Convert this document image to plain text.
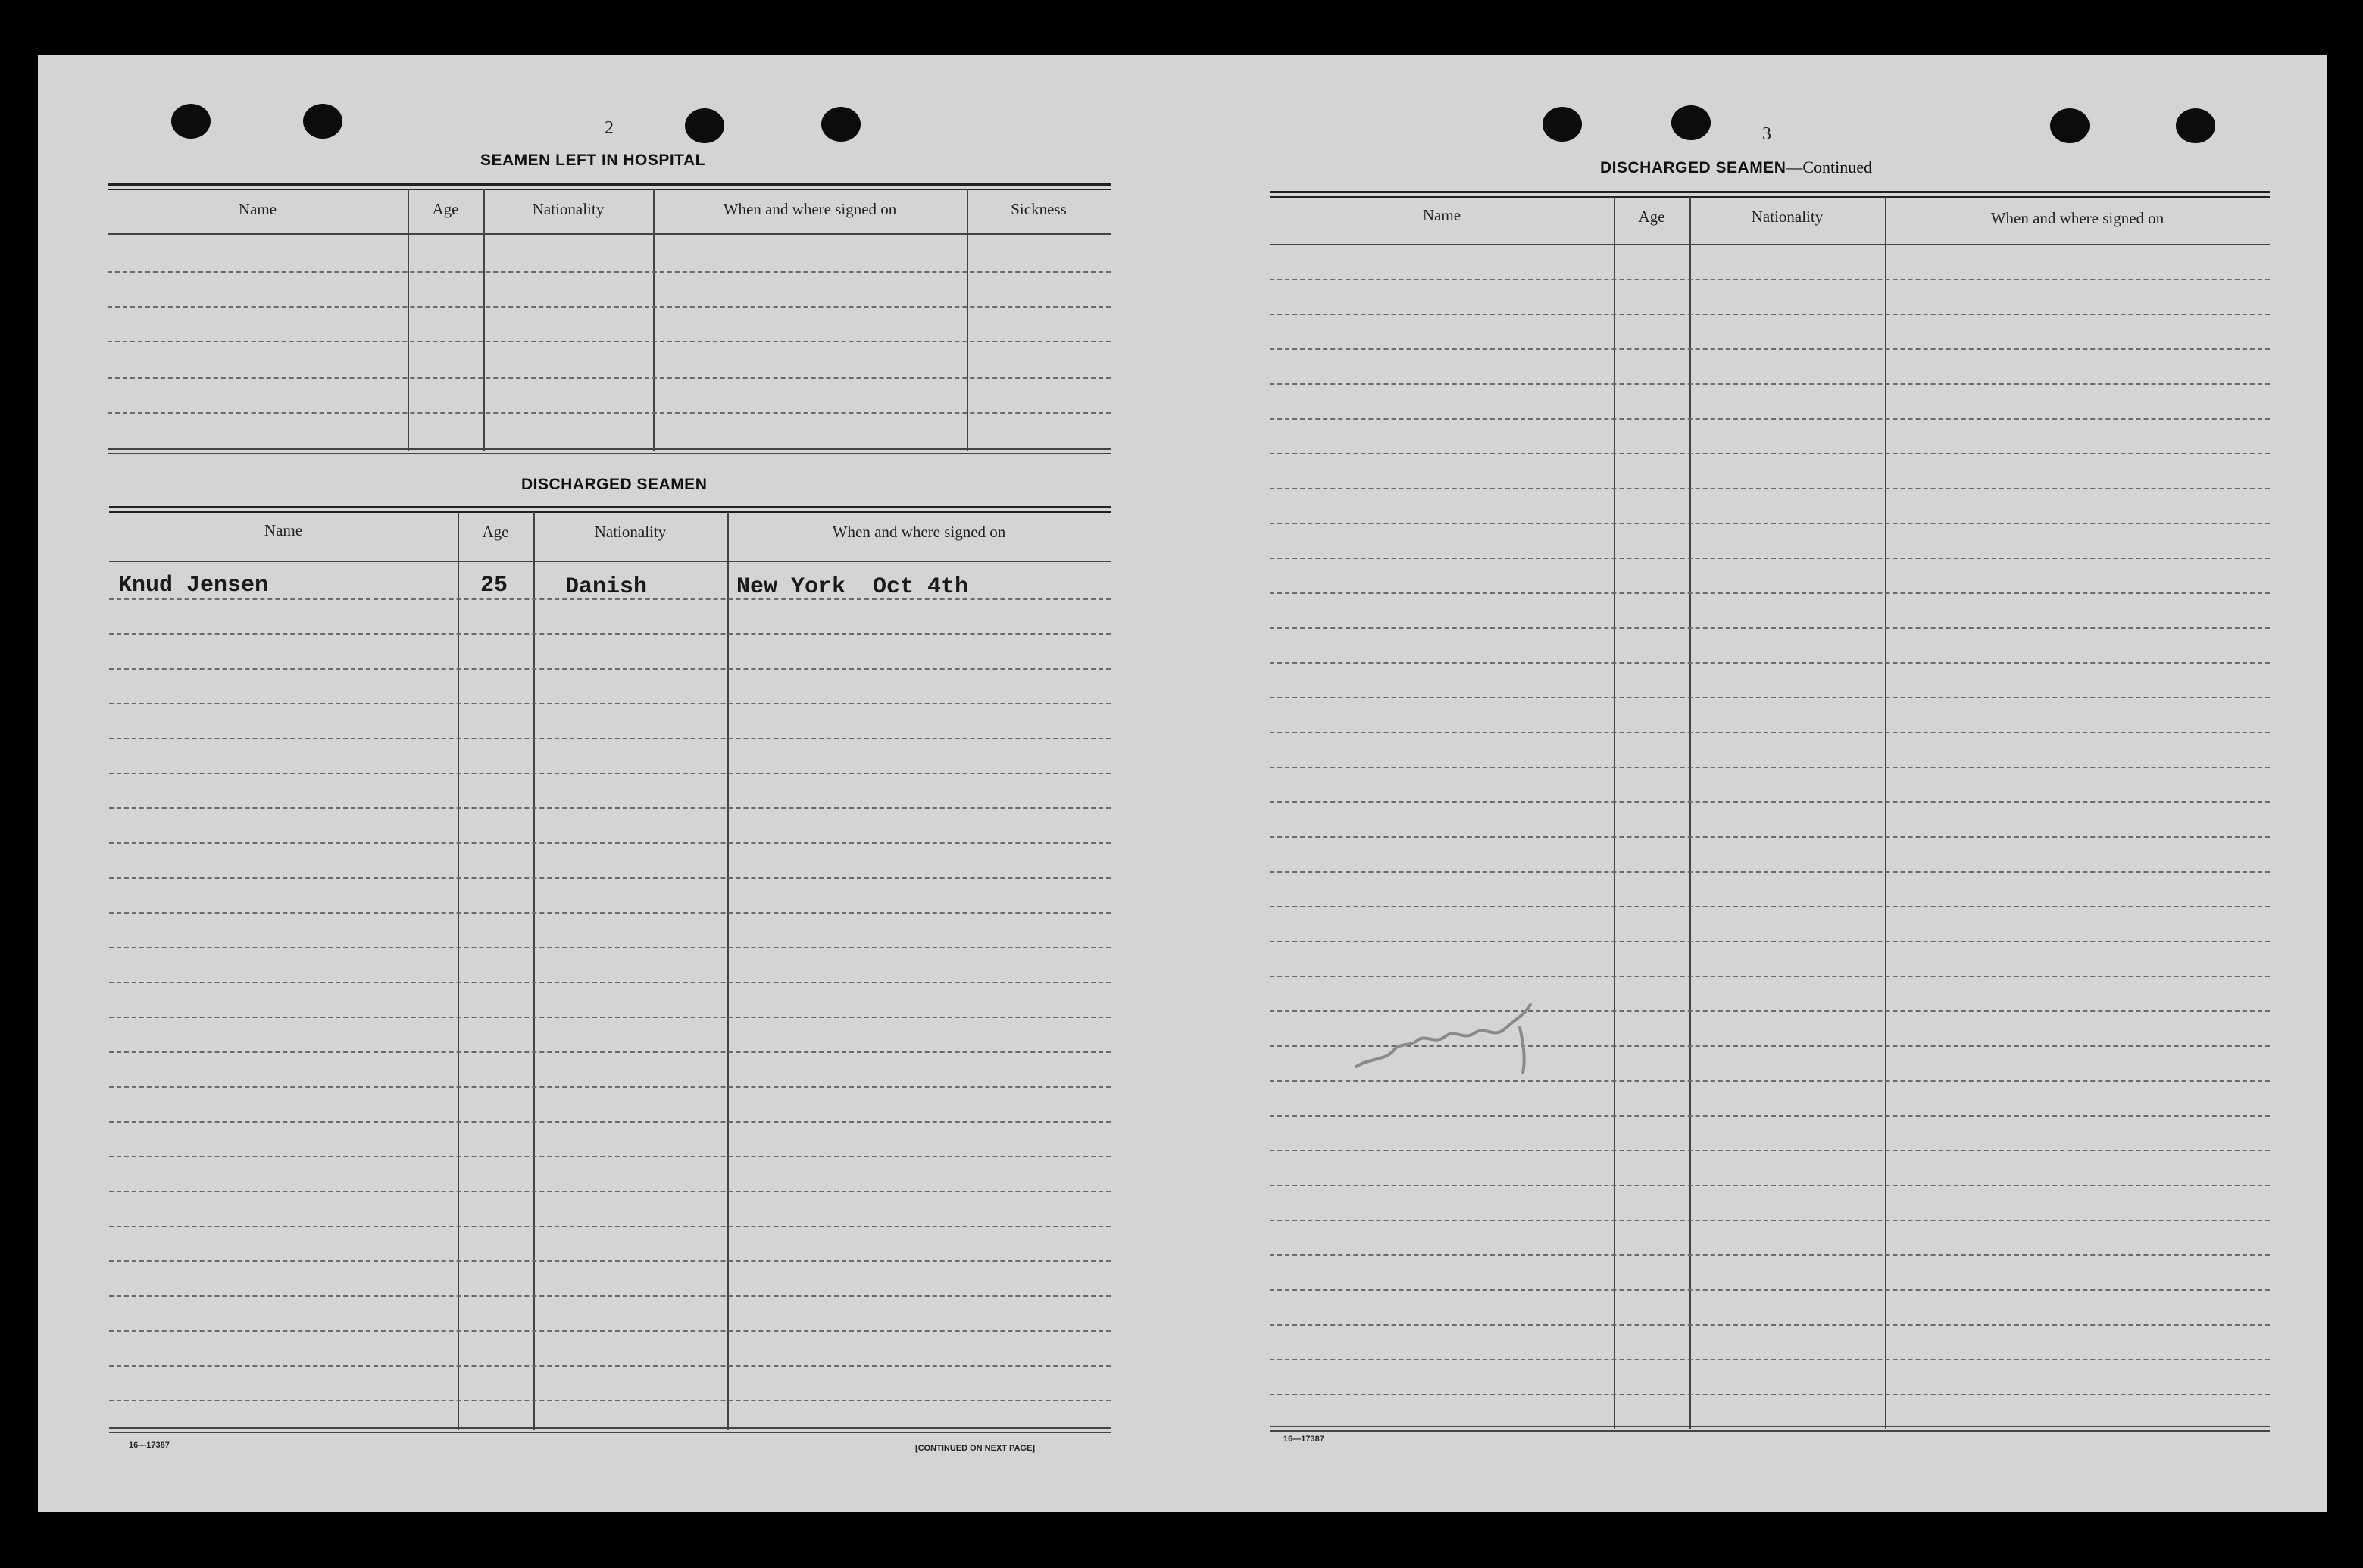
2
SEAMEN LEFT IN HOSPITAL
Name	Age	Nationality	When and where signed on	Sickness
DISCHARGED SEAMEN
Name	Age	Nationality	When and where signed on
Knud Jensen	25	Danish	New York  Oct 4th
16—17387	[CONTINUED ON NEXT PAGE]
3
DISCHARGED SEAMEN—Continued
Name	Age	Nationality	When and where signed on
16—17387
